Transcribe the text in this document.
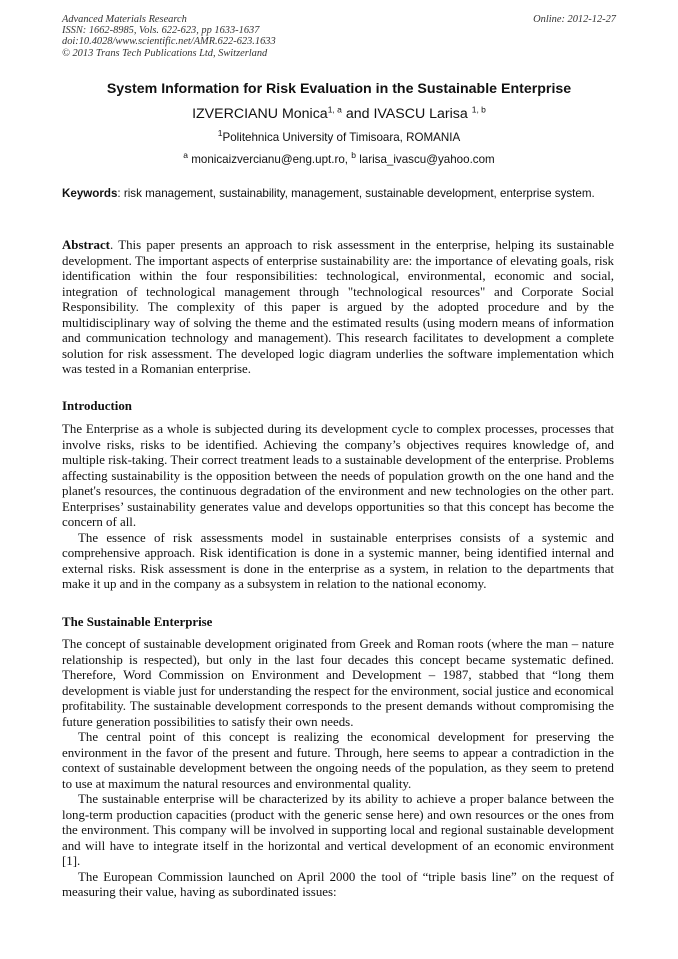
Advanced Materials Research
ISSN: 1662-8985, Vols. 622-623, pp 1633-1637
doi:10.4028/www.scientific.net/AMR.622-623.1633
© 2013 Trans Tech Publications Ltd, Switzerland
Online: 2012-12-27
System Information for Risk Evaluation in the Sustainable Enterprise
IZVERCIANU Monica$^{1, a}$ and IVASCU Larisa $^{1, b}$
$^1$Politehnica University of Timisoara, ROMANIA
$^a$ monicaizvercianu@eng.upt.ro, $^b$ larisa_ivascu@yahoo.com
Keywords: risk management, sustainability, management, sustainable development, enterprise system.

Abstract. This paper presents an approach to risk assessment in the enterprise, helping its sustainable development. The important aspects of enterprise sustainability are: the importance of elevating goals, risk identification within the four responsibilities: technological, environmental, economic and social, integration of technological management through "technological resources" and Corporate Social Responsibility. The complexity of this paper is argued by the adopted procedure and by the multidisciplinary way of solving the theme and the estimated results (using modern means of information and communication technology and management). This research facilitates to development a complete solution for risk assessment. The developed logic diagram underlies the software implementation which was tested in a Romanian enterprise.

Introduction

The Enterprise as a whole is subjected during its development cycle to complex processes, processes that involve risks, risks to be identified. Achieving the company’s objectives requires knowledge of, and multiple risk-taking. Their correct treatment leads to a sustainable development of the enterprise. Problems affecting sustainability is the opposition between the needs of population growth on the one hand and the planet's resources, the continuous degradation of the environment and new technologies on the other part. Enterprises’ sustainability generates value and develops opportunities so that this concept has become the concern of all.

The essence of risk assessments model in sustainable enterprises consists of a systemic and comprehensive approach. Risk identification is done in a systemic manner, being identified internal and external risks. Risk assessment is done in the enterprise as a system, in relation to the departments that make it up and in the company as a subsystem in relation to the national economy.

The Sustainable Enterprise

The concept of sustainable development originated from Greek and Roman roots (where the man – nature relationship is respected), but only in the last four decades this concept became systematic defined. Therefore, Word Commission on Environment and Development – 1987, stabbed that “long them development is viable just for understanding the respect for the environment, social justice and economical profitability. The sustainable development corresponds to the present demands without compromising the future generation possibilities to satisfy their own needs.

The central point of this concept is realizing the economical development for preserving the environment in the favor of the present and future. Through, here seems to appear a contradiction in the context of sustainable development between the ongoing needs of the population, as they seem to pretend to use at maximum the natural resources and environmental quality.

The sustainable enterprise will be characterized by its ability to achieve a proper balance between the long-term production capacities (product with the generic sense here) and own resources or the ones from the environment. This company will be involved in supporting local and regional sustainable development and will have to integrate itself in the horizontal and vertical development of an economic environment [1].

The European Commission launched on April 2000 the tool of “triple basis line” on the request of measuring their value, having as subordinated issues:
